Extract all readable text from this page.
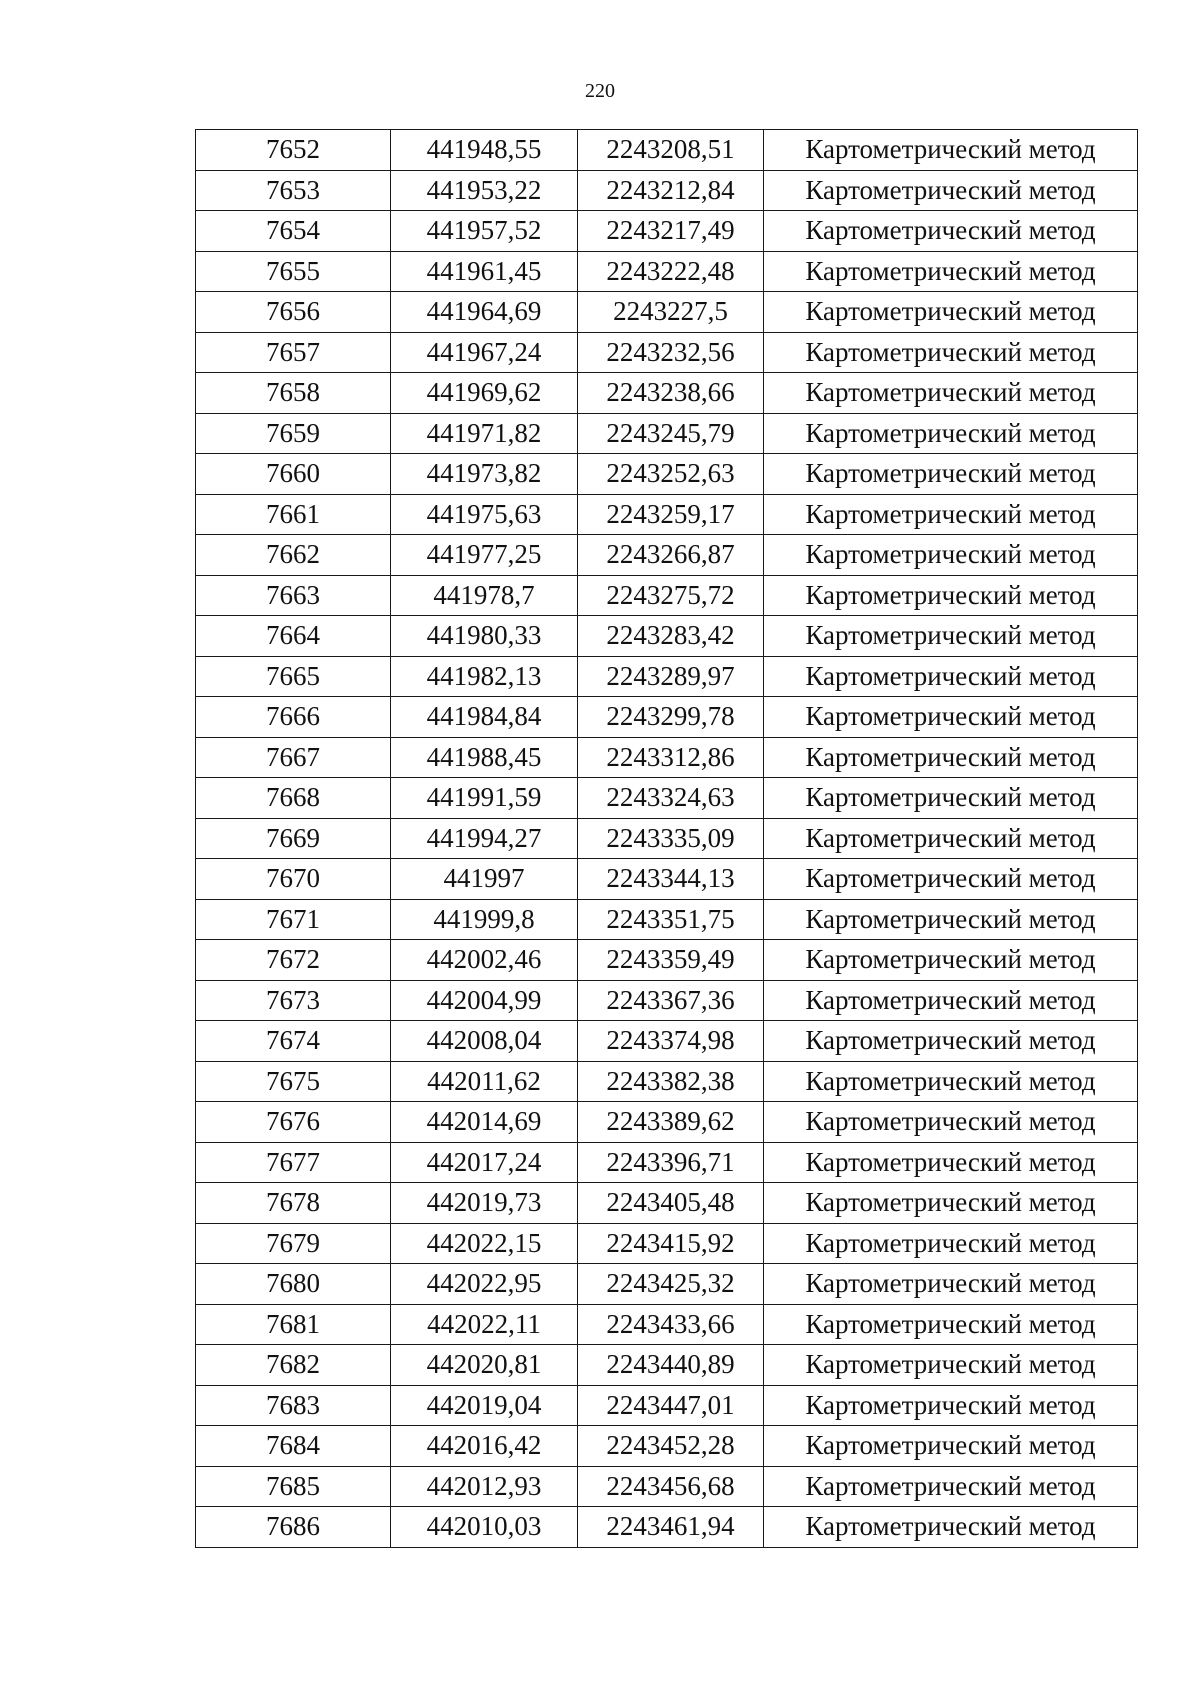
220
7652	441948,55	2243208,51	Картометрический метод
7653	441953,22	2243212,84	Картометрический метод
7654	441957,52	2243217,49	Картометрический метод
7655	441961,45	2243222,48	Картометрический метод
7656	441964,69	2243227,5	Картометрический метод
7657	441967,24	2243232,56	Картометрический метод
7658	441969,62	2243238,66	Картометрический метод
7659	441971,82	2243245,79	Картометрический метод
7660	441973,82	2243252,63	Картометрический метод
7661	441975,63	2243259,17	Картометрический метод
7662	441977,25	2243266,87	Картометрический метод
7663	441978,7	2243275,72	Картометрический метод
7664	441980,33	2243283,42	Картометрический метод
7665	441982,13	2243289,97	Картометрический метод
7666	441984,84	2243299,78	Картометрический метод
7667	441988,45	2243312,86	Картометрический метод
7668	441991,59	2243324,63	Картометрический метод
7669	441994,27	2243335,09	Картометрический метод
7670	441997	2243344,13	Картометрический метод
7671	441999,8	2243351,75	Картометрический метод
7672	442002,46	2243359,49	Картометрический метод
7673	442004,99	2243367,36	Картометрический метод
7674	442008,04	2243374,98	Картометрический метод
7675	442011,62	2243382,38	Картометрический метод
7676	442014,69	2243389,62	Картометрический метод
7677	442017,24	2243396,71	Картометрический метод
7678	442019,73	2243405,48	Картометрический метод
7679	442022,15	2243415,92	Картометрический метод
7680	442022,95	2243425,32	Картометрический метод
7681	442022,11	2243433,66	Картометрический метод
7682	442020,81	2243440,89	Картометрический метод
7683	442019,04	2243447,01	Картометрический метод
7684	442016,42	2243452,28	Картометрический метод
7685	442012,93	2243456,68	Картометрический метод
7686	442010,03	2243461,94	Картометрический метод
